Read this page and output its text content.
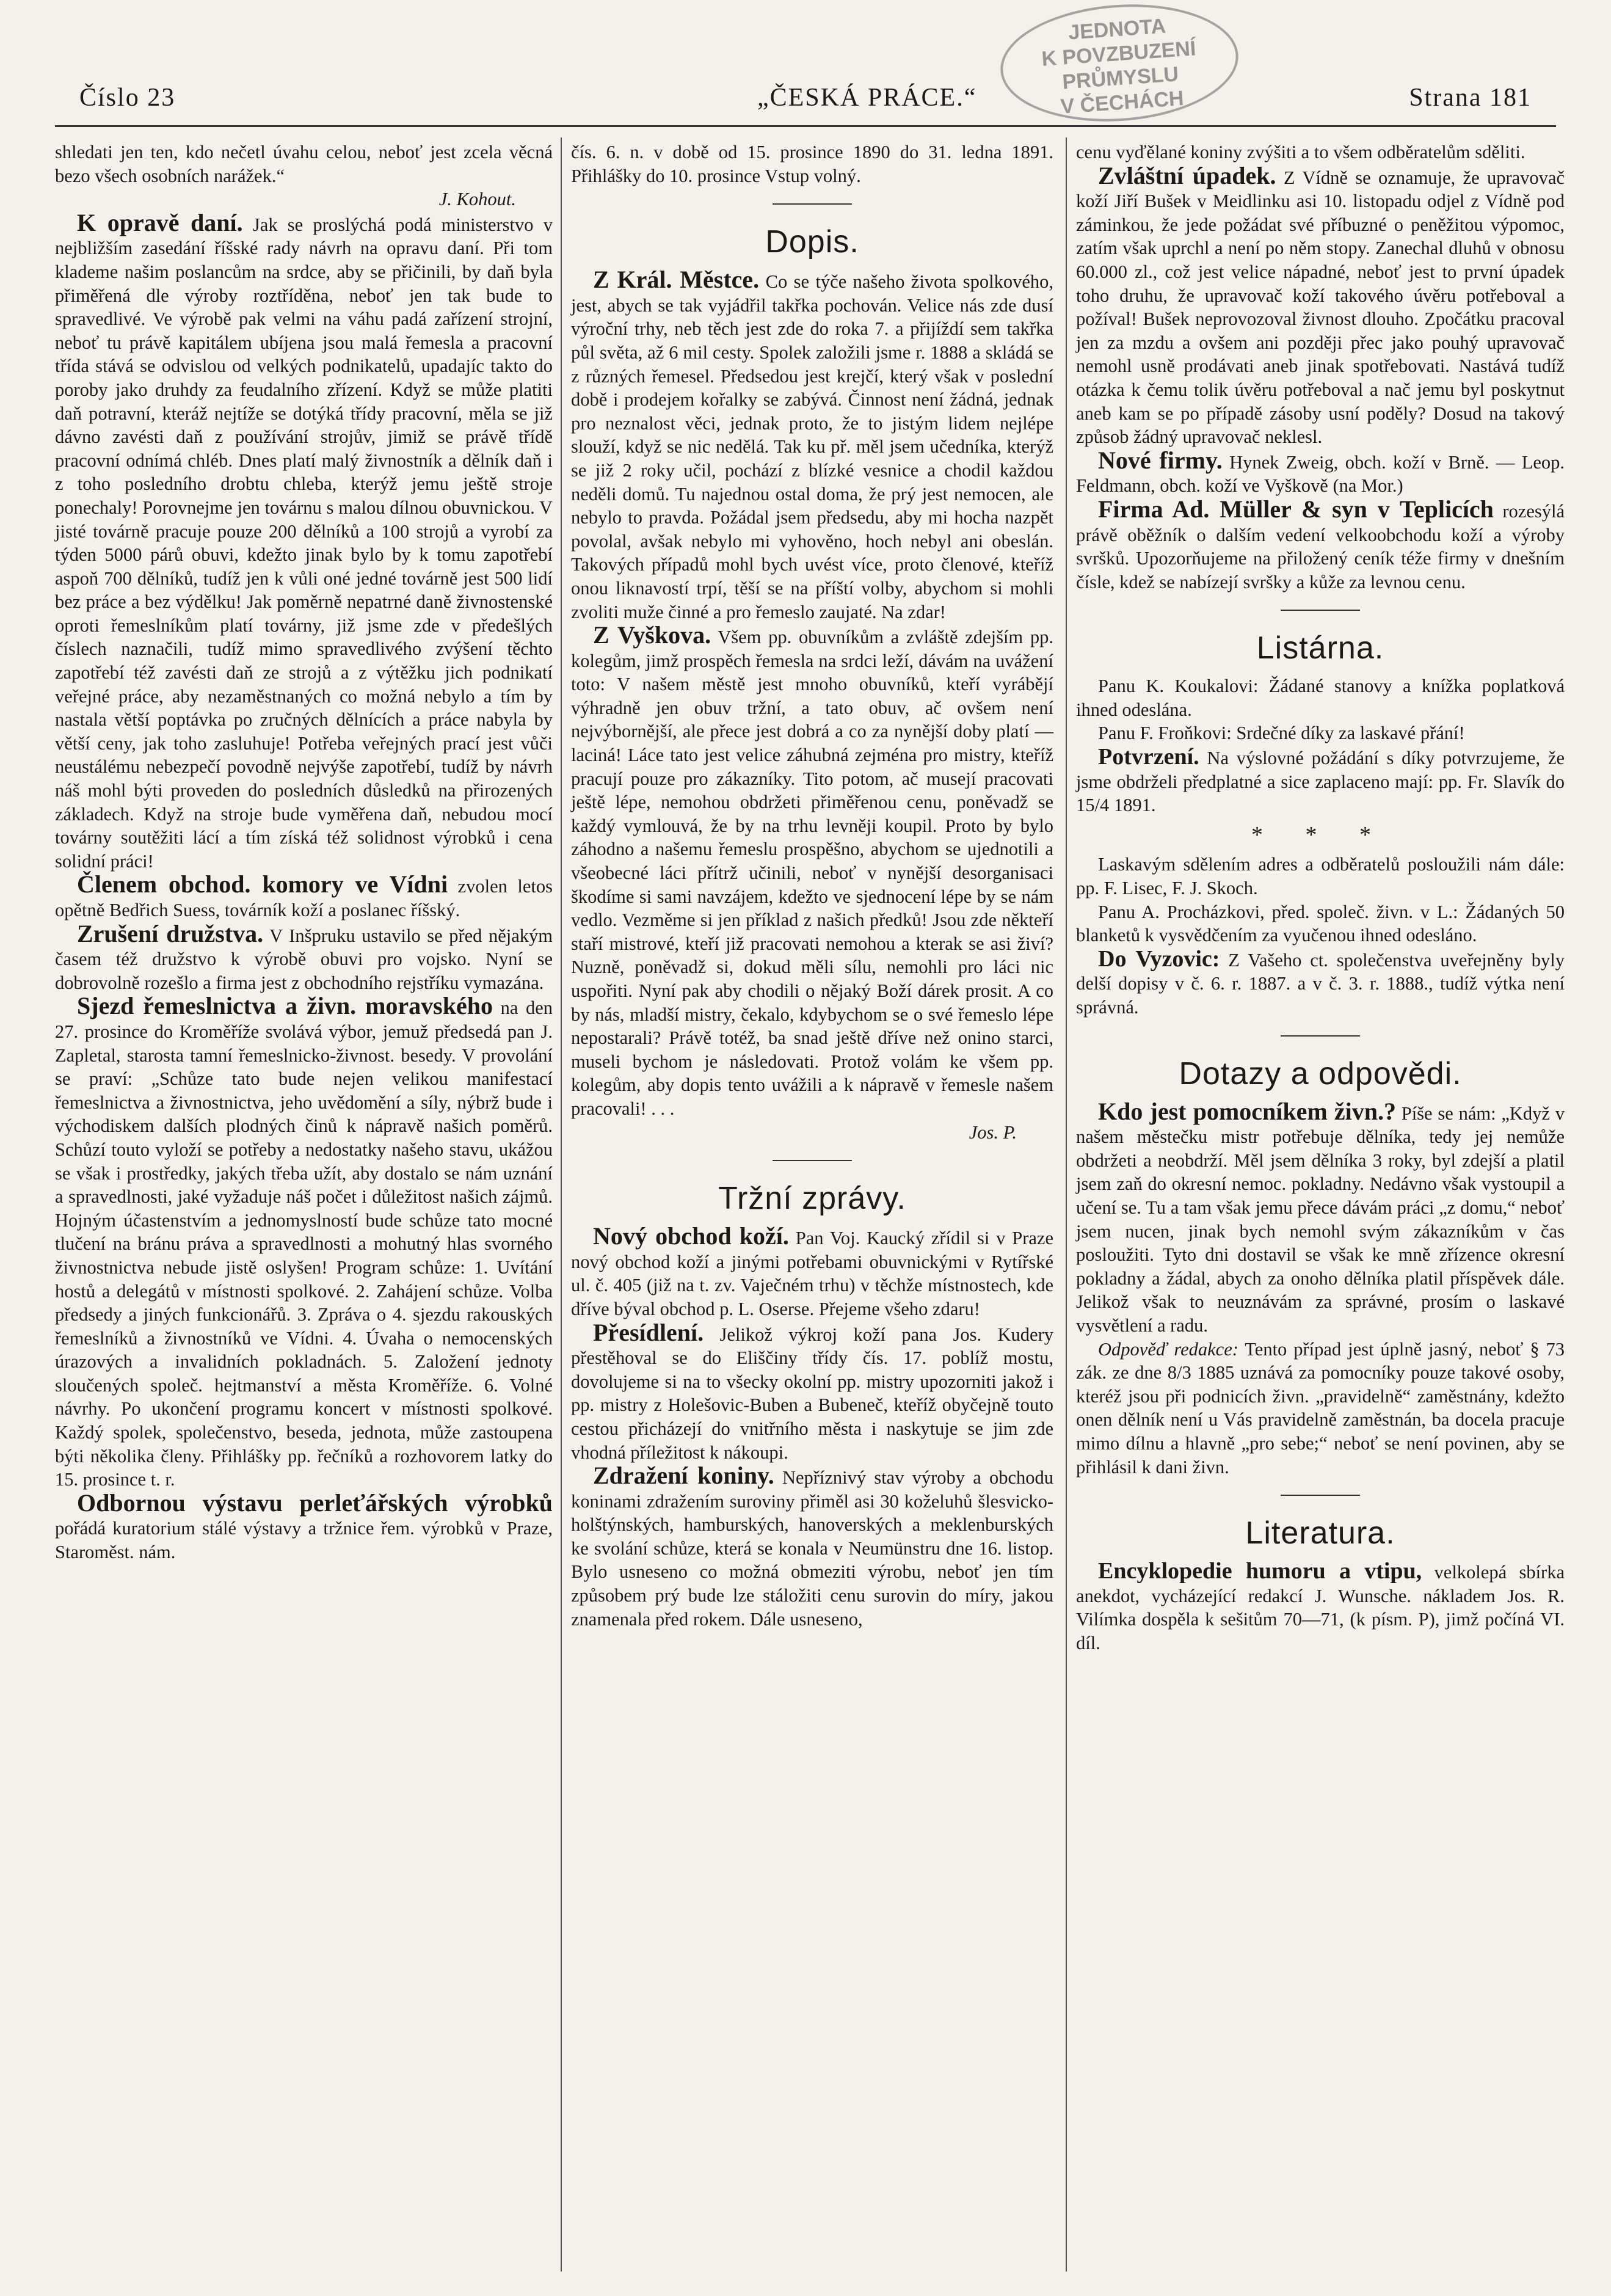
Číslo 23	„ČESKÁ PRÁCE.“
JEDNOTA
K POVZBUZENÍ
PRŮMYSLU
V ČECHÁCH	Strana 181

shledati jen ten, kdo nečetl úvahu celou, neboť jest zcela věcná bezo všech osobních narážek.“

J. Kohout.

K opravě daní. Jak se proslýchá podá ministerstvo v nejbližším zasedání říšské rady návrh na opravu daní. Při tom klademe našim poslancům na srdce, aby se přičinili, by daň byla přiměřená dle výroby roztříděna, neboť jen tak bude to spravedlivé. Ve výrobě pak velmi na váhu padá zařízení strojní, neboť tu právě kapitálem ubíjena jsou malá řemesla a pracovní třída stává se odvislou od velkých podnikatelů, upadajíc takto do poroby jako druhdy za feudalního zřízení. Když se může platiti daň potravní, kteráž nejtíže se dotýká třídy pracovní, měla se již dávno zavésti daň z používání strojův, jimiž se právě třídě pracovní odnímá chléb. Dnes platí malý živnostník a dělník daň i z toho posledního drobtu chleba, kterýž jemu ještě stroje ponechaly! Porovnejme jen továrnu s malou dílnou obuvnickou. V jisté továrně pracuje pouze 200 dělníků a 100 strojů a vyrobí za týden 5000 párů obuvi, kdežto jinak bylo by k tomu zapotřebí aspoň 700 dělníků, tudíž jen k vůli oné jedné továrně jest 500 lidí bez práce a bez výdělku! Jak poměrně nepatrné daně živnostenské oproti řemeslníkům platí továrny, již jsme zde v předešlých číslech naznačili, tudíž mimo spravedlivého zvýšení těchto zapotřebí též zavésti daň ze strojů a z výtěžku jich podnikatí veřejné práce, aby nezaměstnaných co možná nebylo a tím by nastala větší poptávka po zručných dělnících a práce nabyla by větší ceny, jak toho zasluhuje! Potřeba veřejných prací jest vůči neustálému nebezpečí povodně nejvýše zapotřebí, tudíž by návrh náš mohl býti proveden do posledních důsledků na přirozených základech. Když na stroje bude vyměřena daň, nebudou mocí továrny soutěžiti lácí a tím získá též solidnost výrobků i cena solidní práci!

Členem obchod. komory ve Vídni zvolen letos opětně Bedřich Suess, továrník koží a poslanec říšský.

Zrušení družstva. V Inšpruku ustavilo se před nějakým časem též družstvo k výrobě obuvi pro vojsko. Nyní se dobrovolně rozešlo a firma jest z obchodního rejstříku vymazána.

Sjezd řemeslnictva a živn. moravského na den 27. prosince do Kroměříže svolává výbor, jemuž předsedá pan J. Zapletal, starosta tamní řemeslnicko-živnost. besedy. V provolání se praví: „Schůze tato bude nejen velikou manifestací řemeslnictva a živnostnictva, jeho uvědomění a síly, nýbrž bude i východiskem dalších plodných činů k nápravě našich poměrů. Schůzí touto vyloží se potřeby a nedostatky našeho stavu, ukážou se však i prostředky, jakých třeba užít, aby dostalo se nám uznání a spravedlnosti, jaké vyžaduje náš počet i důležitost našich zájmů. Hojným účastenstvím a jednomyslností bude schůze tato mocné tlučení na bránu práva a spravedlnosti a mohutný hlas svorného živnostnictva nebude jistě oslyšen! Program schůze: 1. Uvítání hostů a delegátů v místnosti spolkové. 2. Zahájení schůze. Volba předsedy a jiných funkcionářů. 3. Zpráva o 4. sjezdu rakouských řemeslníků a živnostníků ve Vídni. 4. Úvaha o nemocenských úrazových a invalidních pokladnách. 5. Založení jednoty sloučených společ. hejtmanství a města Kroměříže. 6. Volné návrhy. Po ukončení programu koncert v místnosti spolkové. Každý spolek, společenstvo, beseda, jednota, může zastoupena býti několika členy. Přihlášky pp. řečníků a rozhovorem latky do 15. prosince t. r.

Odbornou výstavu perleťářských výrobků pořádá kuratorium stálé výstavy a tržnice řem. výrobků v Praze, Staroměst. nám.

čís. 6. n. v době od 15. prosince 1890 do 31. ledna 1891. Přihlášky do 10. prosince Vstup volný.

Dopis.

Z Král. Městce. Co se týče našeho života spolkového, jest, abych se tak vyjádřil takřka pochován. Velice nás zde dusí výroční trhy, neb těch jest zde do roka 7. a přijíždí sem takřka půl světa, až 6 mil cesty. Spolek založili jsme r. 1888 a skládá se z různých řemesel. Předsedou jest krejčí, který však v poslední době i prodejem kořalky se zabývá. Činnost není žádná, jednak pro neznalost věci, jednak proto, že to jistým lidem nejlépe slouží, když se nic nedělá. Tak ku př. měl jsem učedníka, kterýž se již 2 roky učil, pochází z blízké vesnice a chodil každou neděli domů. Tu najednou ostal doma, že prý jest nemocen, ale nebylo to pravda. Požádal jsem předsedu, aby mi hocha nazpět povolal, avšak nebylo mi vyhověno, hoch nebyl ani obeslán. Takových případů mohl bych uvést více, proto členové, kteříž onou liknavostí trpí, těší se na příští volby, abychom si mohli zvoliti muže činné a pro řemeslo zaujaté. Na zdar!

Z Vyškova. Všem pp. obuvníkům a zvláště zdejším pp. kolegům, jimž prospěch řemesla na srdci leží, dávám na uvážení toto: V našem městě jest mnoho obuvníků, kteří vyrábějí výhradně jen obuv tržní, a tato obuv, ač ovšem není nejvýbornější, ale přece jest dobrá a co za nynější doby platí — laciná! Láce tato jest velice záhubná zejména pro mistry, kteříž pracují pouze pro zákazníky. Tito potom, ač musejí pracovati ještě lépe, nemohou obdržeti přiměřenou cenu, poněvadž se každý vymlouvá, že by na trhu levněji koupil. Proto by bylo záhodno a našemu řemeslu prospěšno, abychom se ujednotili a všeobecné láci přítrž učinili, neboť v nynější desorganisaci škodíme si sami navzájem, kdežto ve sjednocení lépe by se nám vedlo. Vezměme si jen příklad z našich předků! Jsou zde někteří staří mistrové, kteří již pracovati nemohou a kterak se asi živí? Nuzně, poněvadž si, dokud měli sílu, nemohli pro láci nic uspořiti. Nyní pak aby chodili o nějaký Boží dárek prosit. A co by nás, mladší mistry, čekalo, kdybychom se o své řemeslo lépe nepostarali? Právě totéž, ba snad ještě dříve než onino starci, museli bychom je následovati. Protož volám ke všem pp. kolegům, aby dopis tento uvážili a k nápravě v řemesle našem pracovali! . . .

Jos. P.

Tržní zprávy.

Nový obchod koží. Pan Voj. Kaucký zřídil si v Praze nový obchod koží a jinými potřebami obuvnickými v Rytířské ul. č. 405 (již na t. zv. Vaječném trhu) v těchže místnostech, kde dříve býval obchod p. L. Oserse. Přejeme všeho zdaru!

Přesídlení. Jelikož výkroj koží pana Jos. Kudery přestěhoval se do Eliščiny třídy čís. 17. poblíž mostu, dovolujeme si na to všecky okolní pp. mistry upozorniti jakož i pp. mistry z Holešovic-Buben a Bubeneč, kteříž obyčejně touto cestou přicházejí do vnitřního města i naskytuje se jim zde vhodná příležitost k nákoupi.

Zdražení koniny. Nepříznivý stav výroby a obchodu koninami zdražením suroviny přiměl asi 30 koželuhů šlesvicko-holštýnských, hamburských, hanoverských a meklenburských ke svolání schůze, která se konala v Neumünstru dne 16. listop. Bylo usneseno co možná obmeziti výrobu, neboť jen tím způsobem prý bude lze stáložiti cenu surovin do míry, jakou znamenala před rokem. Dále usneseno,

cenu vyďělané koniny zvýšiti a to všem odběratelům sděliti.

Zvláštní úpadek. Z Vídně se oznamuje, že upravovač koží Jiří Bušek v Meidlinku asi 10. listopadu odjel z Vídně pod záminkou, že jede požádat své příbuzné o peněžitou výpomoc, zatím však uprchl a není po něm stopy. Zanechal dluhů v obnosu 60.000 zl., což jest velice nápadné, neboť jest to první úpadek toho druhu, že upravovač koží takového úvěru potřeboval a požíval! Bušek neprovozoval živnost dlouho. Zpočátku pracoval jen za mzdu a ovšem ani později přec jako pouhý upravovač nemohl usně prodávati aneb jinak spotřebovati. Nastává tudíž otázka k čemu tolik úvěru potřeboval a nač jemu byl poskytnut aneb kam se po případě zásoby usní poděly? Dosud na takový způsob žádný upravovač neklesl.

Nové firmy. Hynek Zweig, obch. koží v Brně. — Leop. Feldmann, obch. koží ve Vyškově (na Mor.)

Firma Ad. Müller & syn v Teplicích rozesýlá právě oběžník o dalším vedení velkoobchodu koží a výroby svršků. Upozorňujeme na přiložený ceník téže firmy v dnešním čísle, kdež se nabízejí svršky a kůže za levnou cenu.

Listárna.

Panu K. Koukalovi: Žádané stanovy a knížka poplatková ihned odeslána.

Panu F. Froňkovi: Srdečné díky za laskavé přání!

Potvrzení. Na výslovné požádání s díky potvrzujeme, že jsme obdrželi předplatné a sice zaplaceno mají: pp. Fr. Slavík do 15/4 1891.

* * *

Laskavým sdělením adres a odběratelů posloužili nám dále: pp. F. Lisec, F. J. Skoch.

Panu A. Procházkovi, před. společ. živn. v L.: Žádaných 50 blanketů k vysvědčením za vyučenou ihned odesláno.

Do Vyzovic: Z Vašeho ct. společenstva uveřejněny byly delší dopisy v č. 6. r. 1887. a v č. 3. r. 1888., tudíž výtka není správná.

Dotazy a odpovědi.

Kdo jest pomocníkem živn.? Píše se nám: „Když v našem městečku mistr potřebuje dělníka, tedy jej nemůže obdržeti a neobdrží. Měl jsem dělníka 3 roky, byl zdejší a platil jsem zaň do okresní nemoc. pokladny. Nedávno však vystoupil a učení se. Tu a tam však jemu přece dávám práci „z domu,“ neboť jsem nucen, jinak bych nemohl svým zákazníkům v čas posloužiti. Tyto dni dostavil se však ke mně zřízence okresní pokladny a žádal, abych za onoho dělníka platil příspěvek dále. Jelikož však to neuznávám za správné, prosím o laskavé vysvětlení a radu.

Odpověď redakce: Tento případ jest úplně jasný, neboť § 73 zák. ze dne 8/3 1885 uznává za pomocníky pouze takové osoby, kteréž jsou při podnicích živn. „pravidelně“ zaměstnány, kdežto onen dělník není u Vás pravidelně zaměstnán, ba docela pracuje mimo dílnu a hlavně „pro sebe;“ neboť se není povinen, aby se přihlásil k dani živn.

Literatura.

Encyklopedie humoru a vtipu, velkolepá sbírka anekdot, vycházející redakcí J. Wunsche. nákladem Jos. R. Vilímka dospěla k sešitům 70—71, (k písm. P), jimž počíná VI. díl.
